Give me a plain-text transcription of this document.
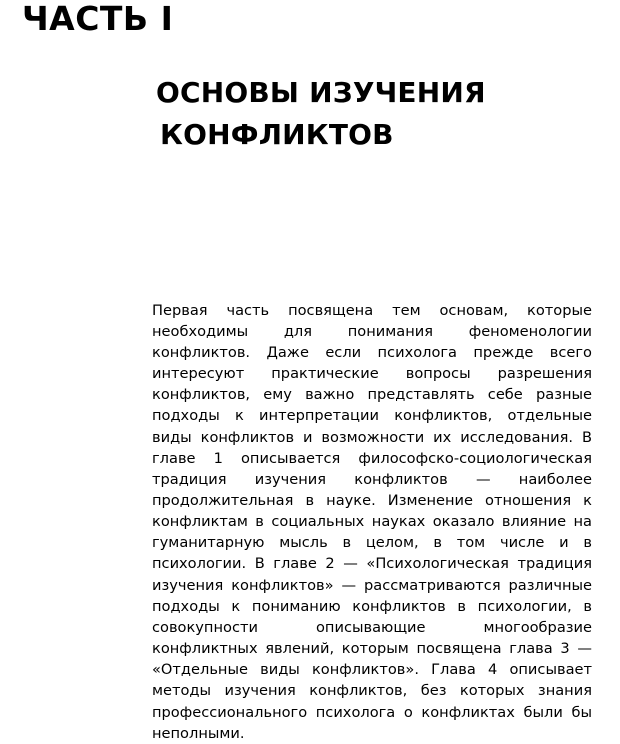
ЧАСТЬ I
ОСНОВЫ ИЗУЧЕНИЯ
КОНФЛИКТОВ

Первая часть посвящена тем основам, которые необходимы для понимания феноменологии конфликтов. Даже если психолога прежде всего интересуют практические вопросы разрешения конфликтов, ему важно представлять себе разные подходы к интерпретации конфликтов, отдельные виды конфликтов и возможности их исследования. В главе 1 описывается философско-социологическая традиция изучения конфликтов — наиболее продолжительная в науке. Изменение отношения к конфликтам в социальных науках оказало влияние на гуманитарную мысль в целом, в том числе и в психологии. В главе 2 — «Психологическая традиция изучения конфликтов» — рассматриваются различные подходы к пониманию конфликтов в психологии, в совокупности описывающие многообразие конфликтных явлений, которым посвящена глава 3 — «Отдельные виды конфликтов». Глава 4 описывает методы изучения конфликтов, без которых знания профессионального психолога о конфликтах были бы неполными.
